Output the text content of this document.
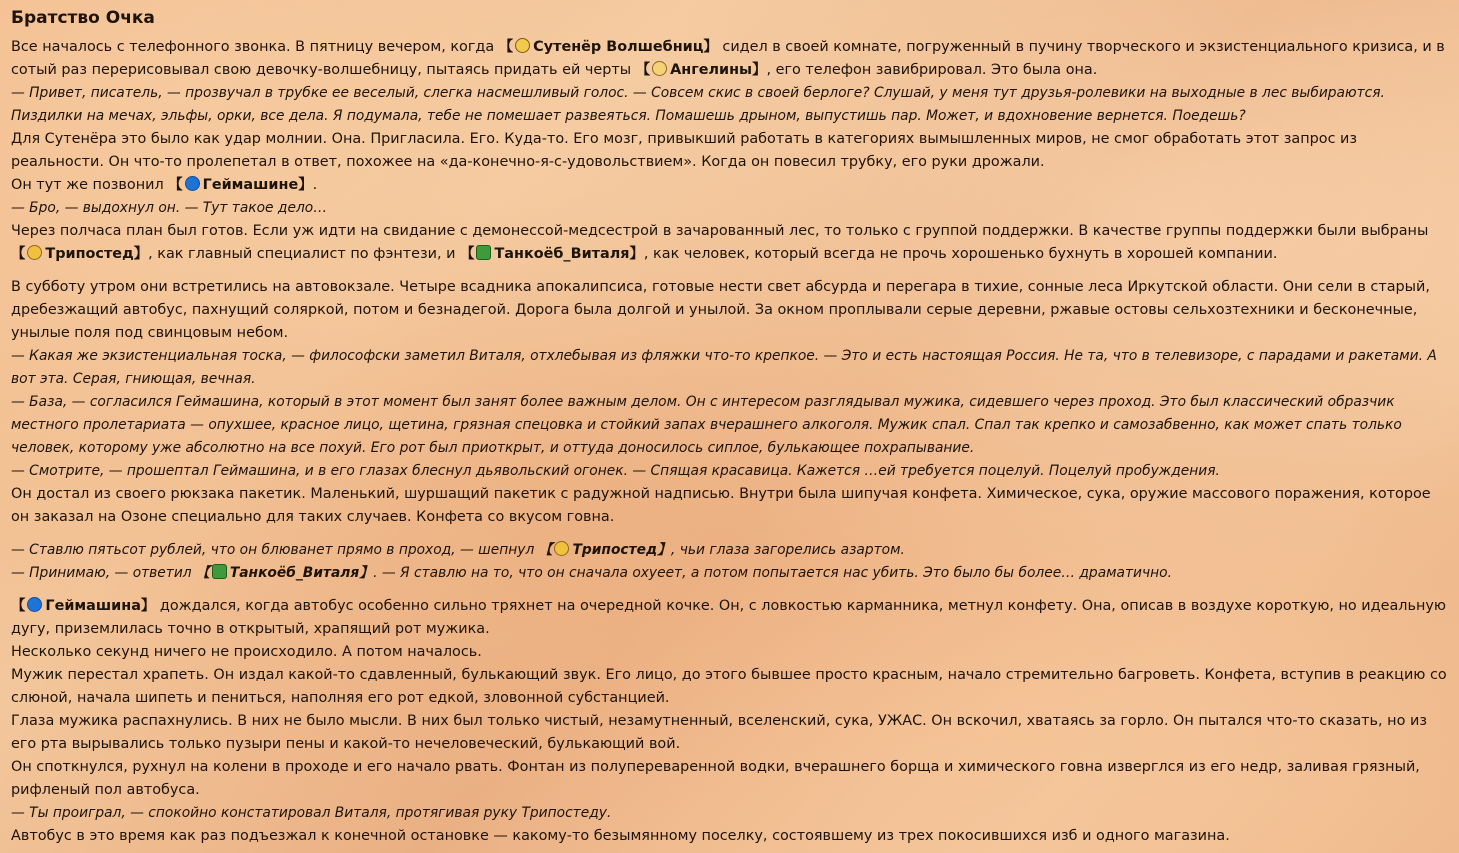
Братство Очка

Все началось с телефонного звонка. В пятницу вечером, когда 【 Сутенёр Волшебниц】 сидел в своей комнате, погруженный в пучину творческого и экзистенциального кризиса, и в сотый раз перерисовывал свою девочку-волшебницу, пытаясь придать ей черты 【 Ангелины】, его телефон завибрировал. Это была она.

— Привет, писатель, — прозвучал в трубке ее веселый, слегка насмешливый голос. — Совсем скис в своей берлоге? Слушай, у меня тут друзья-ролевики на выходные в лес выбираются. Пиздилки на мечах, эльфы, орки, все дела. Я подумала, тебе не помешает развеяться. Помашешь дрыном, выпустишь пар. Может, и вдохновение вернется. Поедешь?

Для Сутенёра это было как удар молнии. Она. Пригласила. Его. Куда-то. Его мозг, привыкший работать в категориях вымышленных миров, не смог обработать этот запрос из реальности. Он что-то пролепетал в ответ, похожее на «да-конечно-я-с-удовольствием». Когда он повесил трубку, его руки дрожали.

Он тут же позвонил 【 Геймашине】.

— Бро, — выдохнул он. — Тут такое дело…

Через полчаса план был готов. Если уж идти на свидание с демонессой-медсестрой в зачарованный лес, то только с группой поддержки. В качестве группы поддержки были выбраны 【 Трипостед】, как главный специалист по фэнтези, и 【 Танкоёб_Виталя】, как человек, который всегда не прочь хорошенько бухнуть в хорошей компании.

В субботу утром они встретились на автовокзале. Четыре всадника апокалипсиса, готовые нести свет абсурда и перегара в тихие, сонные леса Иркутской области. Они сели в старый, дребезжащий автобус, пахнущий соляркой, потом и безнадегой. Дорога была долгой и унылой. За окном проплывали серые деревни, ржавые остовы сельхозтехники и бесконечные, унылые поля под свинцовым небом.

— Какая же экзистенциальная тоска, — философски заметил Виталя, отхлебывая из фляжки что-то крепкое. — Это и есть настоящая Россия. Не та, что в телевизоре, с парадами и ракетами. А вот эта. Серая, гниющая, вечная.

— База, — согласился Геймашина, который в этот момент был занят более важным делом. Он с интересом разглядывал мужика, сидевшего через проход. Это был классический образчик местного пролетариата — опухшее, красное лицо, щетина, грязная спецовка и стойкий запах вчерашнего алкоголя. Мужик спал. Спал так крепко и самозабвенно, как может спать только человек, которому уже абсолютно на все похуй. Его рот был приоткрыт, и оттуда доносилось сиплое, булькающее похрапывание.

— Смотрите, — прошептал Геймашина, и в его глазах блеснул дьявольский огонек. — Спящая красавица. Кажется …ей требуется поцелуй. Поцелуй пробуждения.

Он достал из своего рюкзака пакетик. Маленький, шуршащий пакетик с радужной надписью. Внутри была шипучая конфета. Химическое, сука, оружие массового поражения, которое он заказал на Озоне специально для таких случаев. Конфета со вкусом говна.

— Ставлю пятьсот рублей, что он блюванет прямо в проход, — шепнул 【 Трипостед】, чьи глаза загорелись азартом.

— Принимаю, — ответил 【 Танкоёб_Виталя】. — Я ставлю на то, что он сначала охуеет, а потом попытается нас убить. Это было бы более… драматично.

【 Геймашина】 дождался, когда автобус особенно сильно тряхнет на очередной кочке. Он, с ловкостью карманника, метнул конфету. Она, описав в воздухе короткую, но идеальную дугу, приземлилась точно в открытый, храпящий рот мужика.

Несколько секунд ничего не происходило. А потом началось.

Мужик перестал храпеть. Он издал какой-то сдавленный, булькающий звук. Его лицо, до этого бывшее просто красным, начало стремительно багроветь. Конфета, вступив в реакцию со слюной, начала шипеть и пениться, наполняя его рот едкой, зловонной субстанцией.

Глаза мужика распахнулись. В них не было мысли. В них был только чистый, незамутненный, вселенский, сука, УЖАС. Он вскочил, хватаясь за горло. Он пытался что-то сказать, но из его рта вырывались только пузыри пены и какой-то нечеловеческий, булькающий вой.

Он споткнулся, рухнул на колени в проходе и его начало рвать. Фонтан из полупереваренной водки, вчерашнего борща и химического говна изверглся из его недр, заливая грязный, рифленый пол автобуса.

— Ты проиграл, — спокойно констатировал Виталя, протягивая руку Трипостеду.

Автобус в это время как раз подъезжал к конечной остановке — какому-то безымянному поселку, состоявшему из трех покосившихся изб и одного магазина.
